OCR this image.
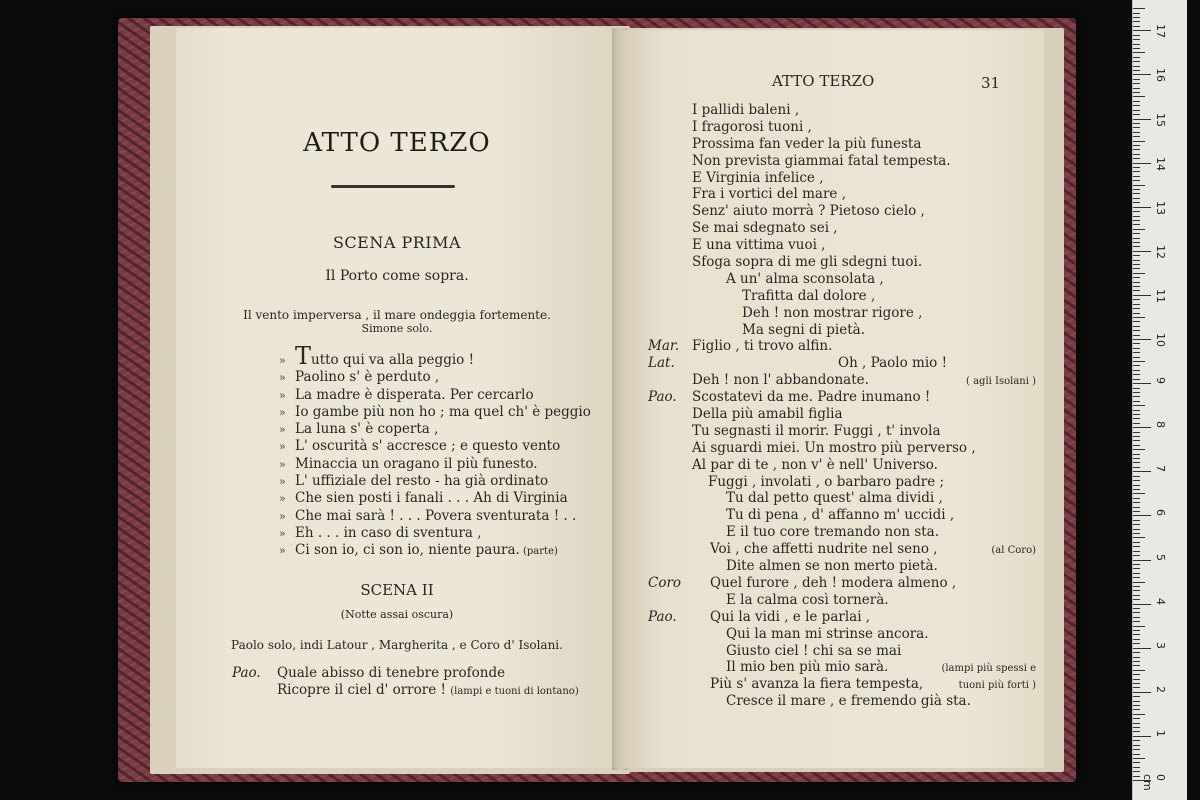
ATTO TERZO
SCENA PRIMA
Il Porto come sopra.
Il vento imperversa , il mare ondeggia fortemente.
Simone solo.
» Tutto qui va alla peggio !
» Paolino s' è perduto ,
» La madre è disperata. Per cercarlo
» Io gambe più non ho ; ma quel ch' è peggio
» La luna s' è coperta ,
» L' oscurità s' accresce ; e questo vento
» Minaccia un oragano il più funesto.
» L' uffiziale del resto - ha già ordinato
» Che sien posti i fanali . . . Ah di Virginia
» Che mai sarà ! . . . Povera sventurata ! . .
» Eh . . . in caso di sventura ,
» Ci son io, ci son io, niente paura. (parte)
SCENA II
(Notte assai oscura)
Paolo solo, indi Latour , Margherita , e Coro d' Isolani.
Pao. Quale abisso di tenebre profonde
Ricopre il ciel d' orrore ! (lampi e tuoni di lontano)
ATTO TERZO	31
I pallidi baleni ,
I fragorosi tuoni ,
Prossima fan veder la più funesta
Non prevista giammai fatal tempesta.
E Virginia infelice ,
Fra i vortici del mare ,
Senz' aiuto morrà ? Pietoso cielo ,
Se mai sdegnato sei ,
E una vittima vuoi ,
Sfoga sopra di me gli sdegni tuoi.
A un' alma sconsolata ,
Trafitta dal dolore ,
Deh ! non mostrar rigore ,
Ma segni di pietà.
Mar. Figlio , ti trovo alfin.
Lat.	Oh , Paolo mio !
Deh ! non l' abbandonate.	( agli Isolani )
Pao. Scostatevi da me. Padre inumano !
Della più amabil figlia
Tu segnasti il morir. Fuggi , t' invola
Ai sguardi miei. Un mostro più perverso ,
Al par di te , non v' è nell' Universo.
Fuggi , involati , o barbaro padre ;
Tu dal petto quest' alma dividi ,
Tu di pena , d' affanno m' uccidi ,
E il tuo core tremando non sta.
Voi , che affetti nudrite nel seno ,	(al Coro)
Dite almen se non merto pietà.
Coro Quel furore , deh ! modera almeno ,
E la calma così tornerà.
Pao. Qui la vidi , e le parlai ,
Qui la man mi strinse ancora.
Giusto ciel ! chi sa se mai
Il mio ben più mio sarà.	(lampi più spessi e
Più s' avanza la fiera tempesta,	tuoni più forti )
Cresce il mare , e fremendo già sta.
0 cm
1
2
3
4
5
6
7
8
9
10
11
12
13
14
15
16
17
